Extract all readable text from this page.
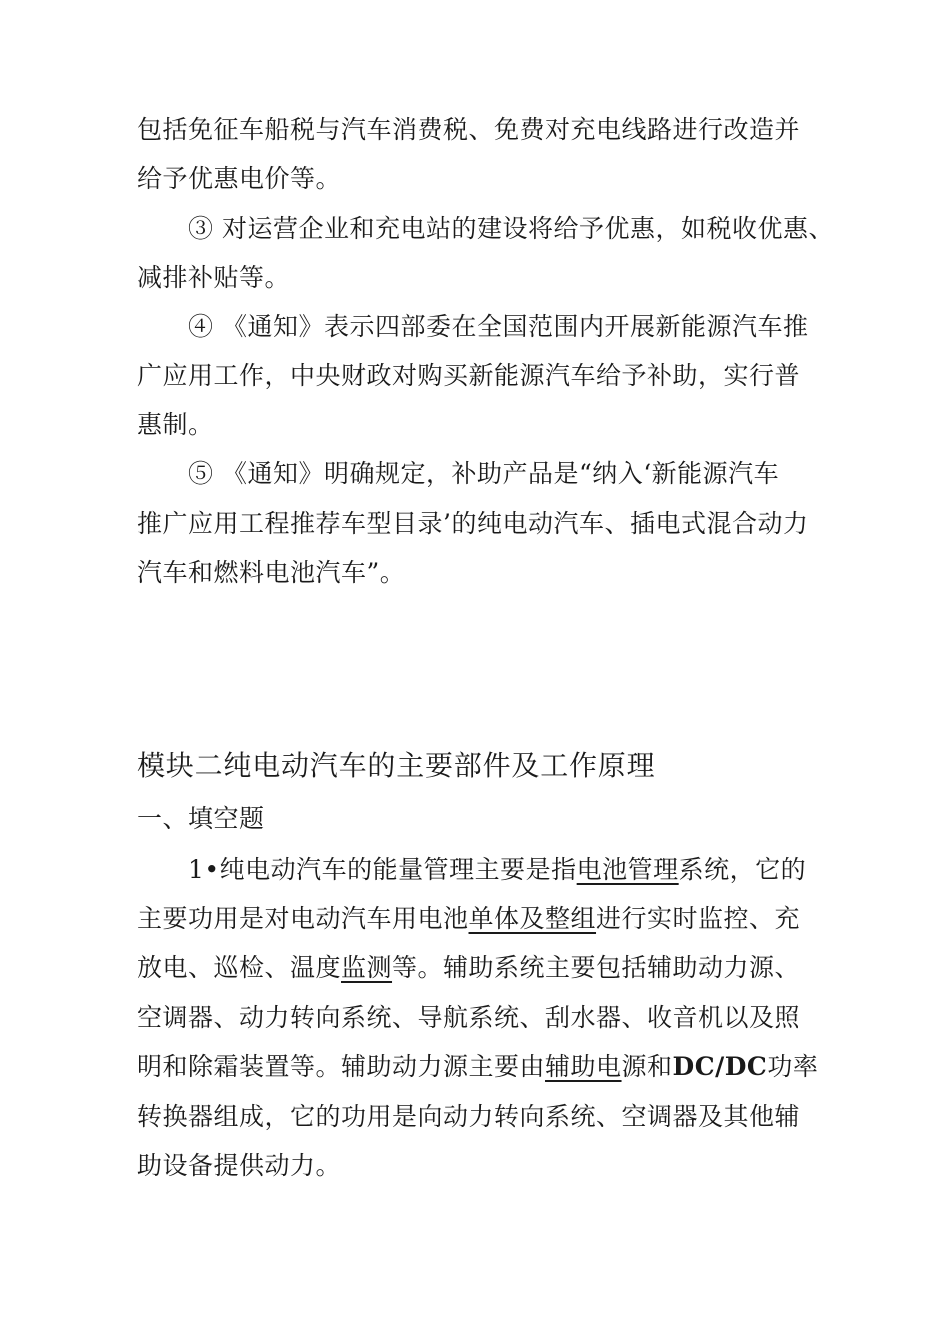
包括免征车船税与汽车消费税、免费对充电线路进行改造并

给予优惠电价等。

③ 对运营企业和充电站的建设将给予优惠，如税收优惠、

减排补贴等。

④ 《通知》表示四部委在全国范围内开展新能源汽车推

广应用工作，中央财政对购买新能源汽车给予补助，实行普

惠制。

⑤ 《通知》明确规定，补助产品是“纳入‘新能源汽车

推广应用工程推荐车型目录’的纯电动汽车、插电式混合动力

汽车和燃料电池汽车”。

模块二纯电动汽车的主要部件及工作原理

一、填空题

1•纯电动汽车的能量管理主要是指电池管理系统，它的

主要功用是对电动汽车用电池单体及整组进行实时监控、充

放电、巡检、温度监测等。辅助系统主要包括辅助动力源、

空调器、动力转向系统、导航系统、刮水器、收音机以及照

明和除霜装置等。辅助动力源主要由辅助电源和DC/DC功率

转换器组成，它的功用是向动力转向系统、空调器及其他辅

助设备提供动力。
